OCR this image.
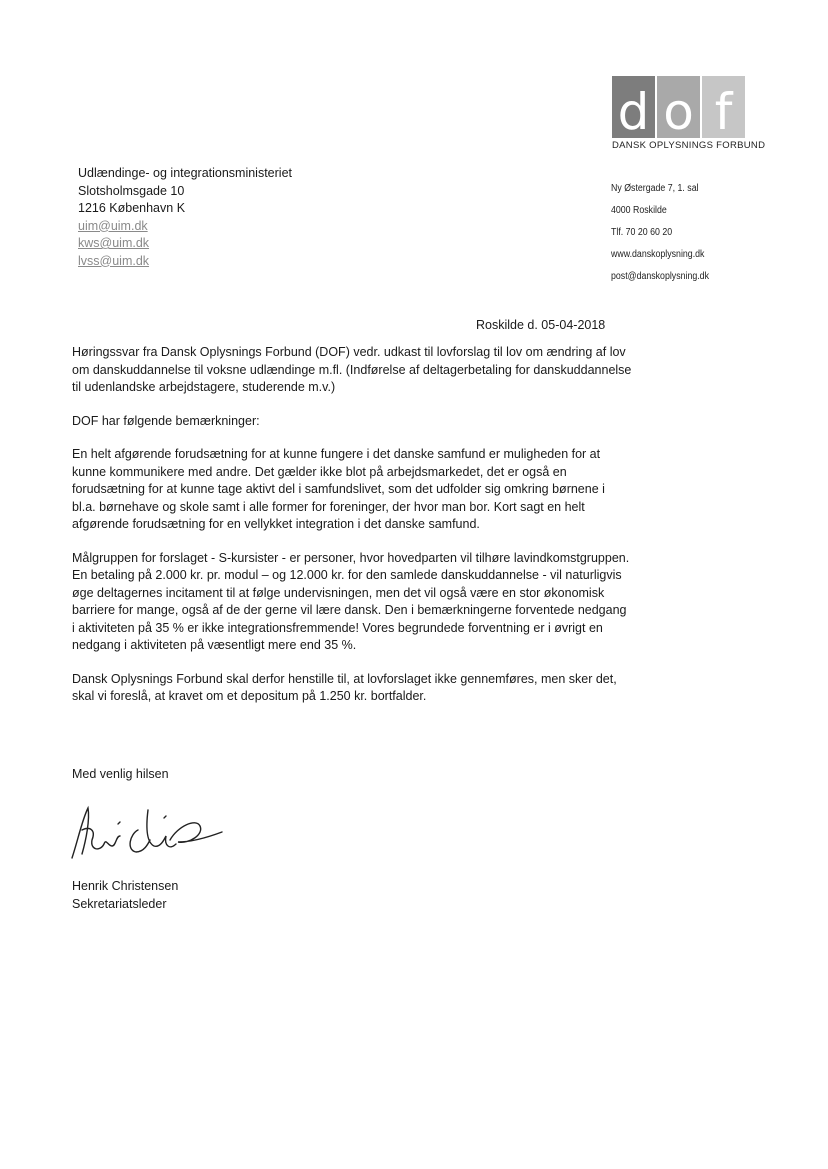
d o f
DANSK OPLYSNINGS FORBUND
Ny Østergade 7, 1. sal
4000 Roskilde
Tlf. 70 20 60 20
www.danskoplysning.dk
post@danskoplysning.dk
Udlændinge- og integrationsministeriet
Slotsholmsgade 10
1216 København K
uim@uim.dk
kws@uim.dk
lvss@uim.dk
Roskilde d. 05-04-2018

Høringssvar fra Dansk Oplysnings Forbund (DOF) vedr. udkast til lovforslag til lov om ændring af lov om danskuddannelse til voksne udlændinge m.fl. (Indførelse af deltagerbetaling for danskuddannelse til udenlandske arbejdstagere, studerende m.v.)

DOF har følgende bemærkninger:

En helt afgørende forudsætning for at kunne fungere i det danske samfund er muligheden for at kunne kommunikere med andre. Det gælder ikke blot på arbejdsmarkedet, det er også en forudsætning for at kunne tage aktivt del i samfundslivet, som det udfolder sig omkring børnene i bl.a. børnehave og skole samt i alle former for foreninger, der hvor man bor. Kort sagt en helt afgørende forudsætning for en vellykket integration i det danske samfund.

Målgruppen for forslaget - S-kursister - er personer, hvor hovedparten vil tilhøre lavindkomstgruppen. En betaling på 2.000 kr. pr. modul – og 12.000 kr. for den samlede danskuddannelse - vil naturligvis øge deltagernes incitament til at følge undervisningen, men det vil også være en stor økonomisk barriere for mange, også af de der gerne vil lære dansk. Den i bemærkningerne forventede nedgang i aktiviteten på 35 % er ikke integrationsfremmende! Vores begrundede forventning er i øvrigt en nedgang i aktiviteten på væsentligt mere end 35 %.

Dansk Oplysnings Forbund skal derfor henstille til, at lovforslaget ikke gennemføres, men sker det, skal vi foreslå, at kravet om et depositum på 1.250 kr. bortfalder.

Med venlig hilsen
Henrik Christensen
Sekretariatsleder
